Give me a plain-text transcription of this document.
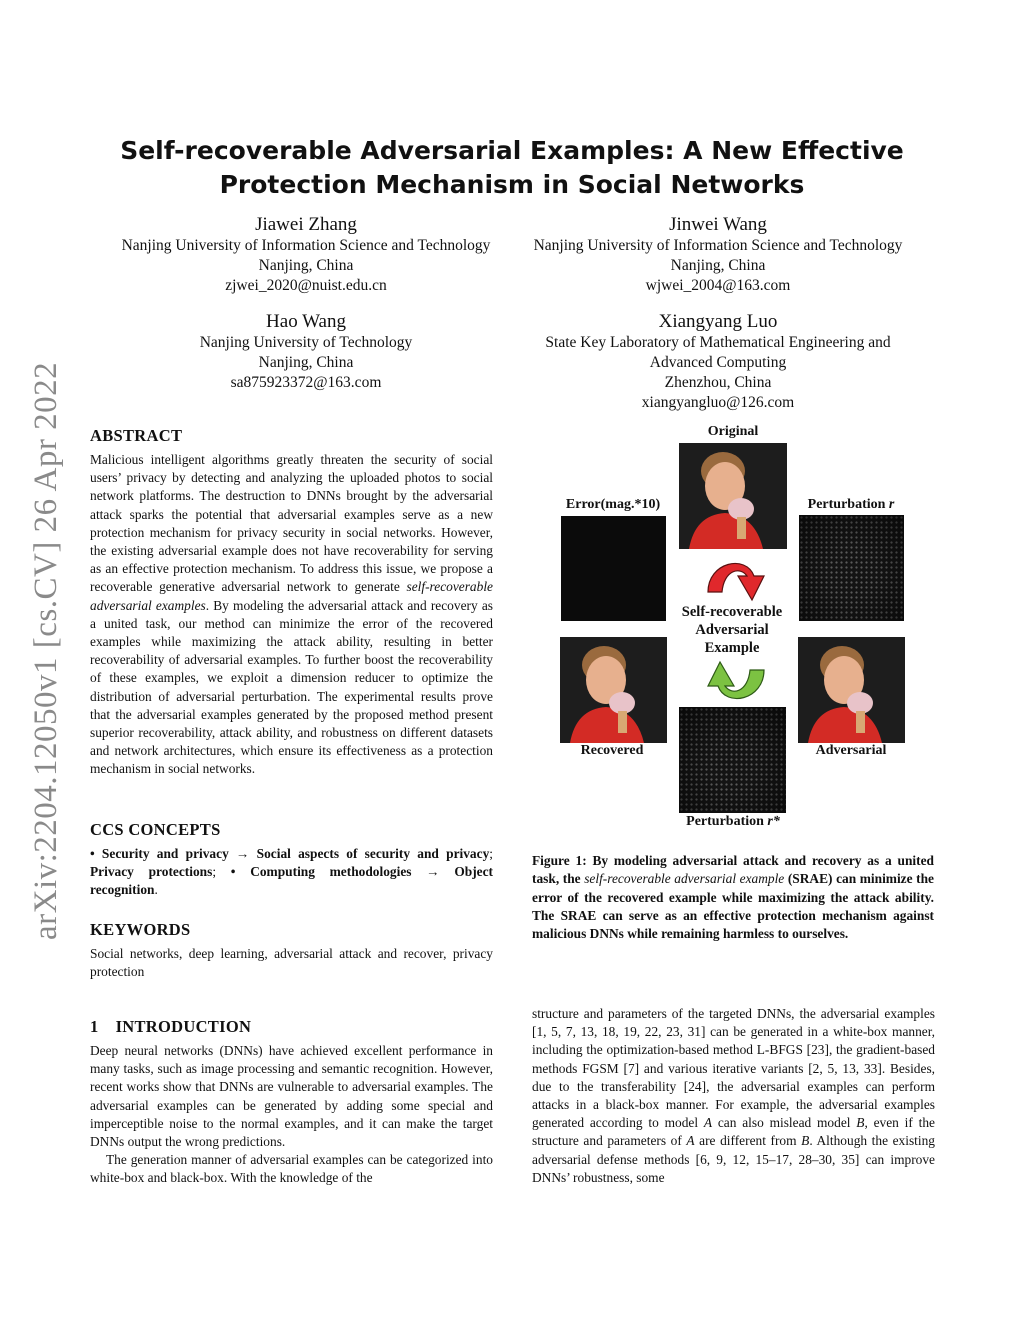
arXiv:2204.12050v1 [cs.CV] 26 Apr 2022
Self-recoverable Adversarial Examples: A New Effective
Protection Mechanism in Social Networks
Jiawei Zhang
Nanjing University of Information Science and Technology
Nanjing, China
zjwei_2020@nuist.edu.cn
Jinwei Wang
Nanjing University of Information Science and Technology
Nanjing, China
wjwei_2004@163.com
Hao Wang
Nanjing University of Technology
Nanjing, China
sa875923372@163.com
Xiangyang Luo
State Key Laboratory of Mathematical Engineering and
Advanced Computing
Zhenzhou, China
xiangyangluo@126.com
ABSTRACT
Malicious intelligent algorithms greatly threaten the security of social users’ privacy by detecting and analyzing the uploaded photos to social network platforms. The destruction to DNNs brought by the adversarial attack sparks the potential that adversarial examples serve as a new protection mechanism for privacy security in social networks. However, the existing adversarial example does not have recoverability for serving as an effective protection mechanism. To address this issue, we propose a recoverable generative adversarial network to generate self-recoverable adversarial examples. By modeling the adversarial attack and recovery as a united task, our method can minimize the error of the recovered examples while maximizing the attack ability, resulting in better recoverability of adversarial examples. To further boost the recoverability of these examples, we exploit a dimension reducer to optimize the distribution of adversarial perturbation. The experimental results prove that the adversarial examples generated by the proposed method present superior recoverability, attack ability, and robustness on different datasets and network architectures, which ensure its effectiveness as a protection mechanism in social networks.
CCS CONCEPTS
• Security and privacy → Social aspects of security and privacy; Privacy protections; • Computing methodologies → Object recognition.
KEYWORDS
Social networks, deep learning, adversarial attack and recover, privacy protection
1 INTRODUCTION

Deep neural networks (DNNs) have achieved excellent performance in many tasks, such as image processing and semantic recognition. However, recent works show that DNNs are vulnerable to adversarial examples. The adversarial examples can be generated by adding some special and imperceptible noise to the normal examples, and it can make the target DNNs output the wrong predictions.

The generation manner of adversarial examples can be categorized into white-box and black-box. With the knowledge of the

structure and parameters of the targeted DNNs, the adversarial examples [1, 5, 7, 13, 18, 19, 22, 23, 31] can be generated in a white-box manner, including the optimization-based method L-BFGS [23], the gradient-based methods FGSM [7] and various iterative variants [2, 5, 13, 33]. Besides, due to the transferability [24], the adversarial examples can perform attacks in a black-box manner. For example, the adversarial examples generated according to model A can also mislead model B, even if the structure and parameters of A are different from B. Although the existing adversarial defense methods [6, 9, 12, 15–17, 28–30, 35] can improve DNNs’ robustness, some
Original
Error(mag.*10)	Perturbation r
Self-recoverable
Adversarial
Example
Recovered	Adversarial
Perturbation r*
Figure 1: By modeling adversarial attack and recovery as a united task, the self-recoverable adversarial example (SRAE) can minimize the error of the recovered example while maximizing the attack ability. The SRAE can serve as an effective protection mechanism against malicious DNNs while remaining harmless to ourselves.
